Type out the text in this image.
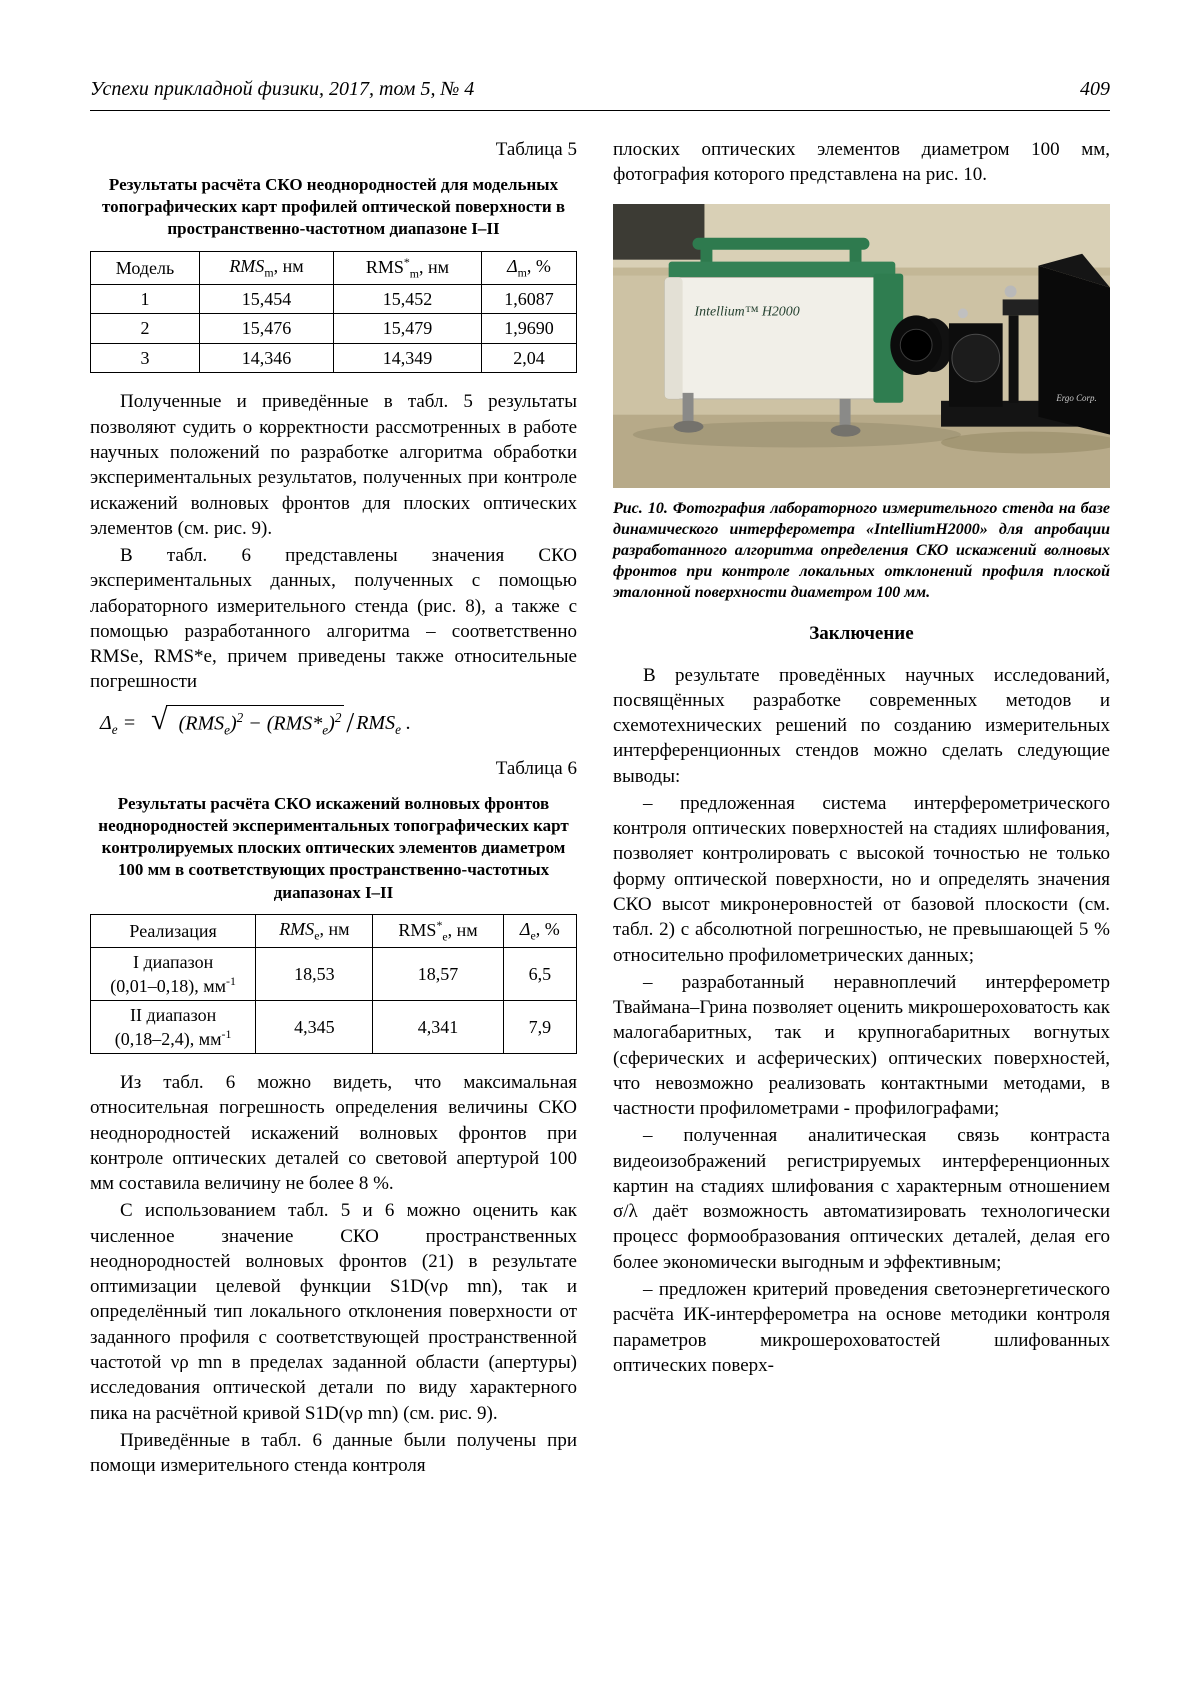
Успехи прикладной физики, 2017, том 5, № 4	409
Таблица 5
Результаты расчёта СКО неоднородностей для модельных топографических карт профилей оптической поверхности в пространственно-частотном диапазоне I–II
Модель	$RMS_m$, нм	$RMS^*_m$, нм	$\Delta_m$, %
1	15,454	15,452	1,6087
2	15,476	15,479	1,9690
3	14,346	14,349	2,04

Полученные и приведённые в табл. 5 результаты позволяют судить о корректности рассмотренных в работе научных положений по разработке алгоритма обработки экспериментальных результатов, полученных при контроле искажений волновых фронтов для плоских оптических элементов (см. рис. 9).

В табл. 6 представлены значения СКО экспериментальных данных, полученных с помощью лабораторного измерительного стенда (рис. 8), а также с помощью разработанного алгоритма – соответственно RMSe, RMS*e, причем приведены также относительные погрешности

$\Delta_e$ =	√ $(RMS_e)^2 - (RMS*_e)^2 / RMS_e$ .
Таблица 6
Результаты расчёта СКО искажений волновых фронтов неоднородностей экспериментальных топографических карт контролируемых плоских оптических элементов диаметром 100 мм в соответствующих пространственно-частотных диапазонах I–II
Реализация	$RMS_e$, нм	$RMS^*_e$, нм	$\Delta_e$, %
I диапазон
(0,01–0,18), $мм^{-1}$	18,53	18,57	6,5
II диапазон
(0,18–2,4), $мм^{-1}$	4,345	4,341	7,9

Из табл. 6 можно видеть, что максимальная относительная погрешность определения величины СКО неоднородностей искажений волновых фронтов при контроле оптических деталей со световой апертурой 100 мм составила величину не более 8 %.

С использованием табл. 5 и 6 можно оценить как численное значение СКО пространственных неоднородностей волновых фронтов (21) в результате оптимизации целевой функции S1D(νρ mn), так и определённый тип локального отклонения поверхности от заданного профиля с соответствующей пространственной частотой νρ mn в пределах заданной области (апертуры) исследования оптической детали по виду характерного пика на расчётной кривой S1D(νρ mn) (см. рис. 9).

Приведённые в табл. 6 данные были получены при помощи измерительного стенда контроля

плоских оптических элементов диаметром 100 мм, фотография которого представлена на рис. 10.

Intellium™ H2000
Ergo Corp.
Рис. 10. Фотография лабораторного измерительного стенда на базе динамического интерферометра «IntelliumH2000» для апробации разработанного алгоритма определения СКО искажений волновых фронтов при контроле локальных отклонений профиля плоской эталонной поверхности диаметром 100 мм.
Заключение

В результате проведённых научных исследований, посвящённых разработке современных методов и схемотехнических решений по созданию измерительных интерференционных стендов можно сделать следующие выводы:

– предложенная система интерферометрического контроля оптических поверхностей на стадиях шлифования, позволяет контролировать с высокой точностью не только форму оптической поверхности, но и определять значения СКО высот микронеровностей от базовой плоскости (см. табл. 2) с абсолютной погрешностью, не превышающей 5 % относительно профилометрических данных;

– разработанный неравноплечий интерферометр Тваймана–Грина позволяет оценить микрошероховатость как малогабаритных, так и крупногабаритных вогнутых (сферических и асферических) оптических поверхностей, что невозможно реализовать контактными методами, в частности профилометрами - профилографами;

– полученная аналитическая связь контраста видеоизображений регистрируемых интерференционных картин на стадиях шлифования с характерным отношением σ/λ даёт возможность автоматизировать технологически процесс формообразования оптических деталей, делая его более экономически выгодным и эффективным;

– предложен критерий проведения светоэнергетического расчёта ИК-интерферометра на основе методики контроля параметров микрошероховатостей шлифованных оптических поверх-
